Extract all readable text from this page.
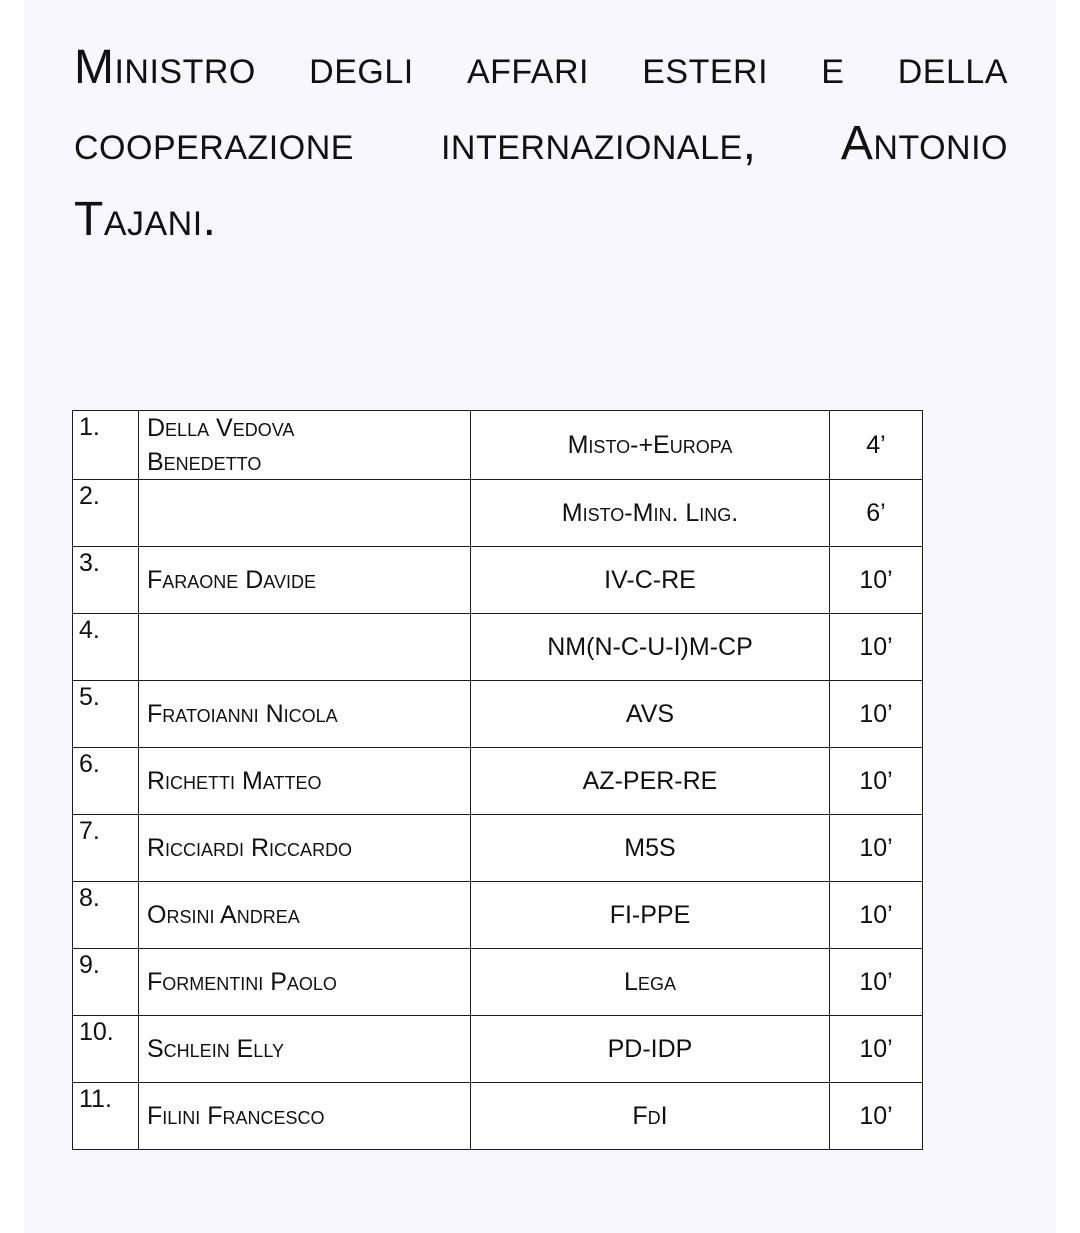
Ministro degli affari esteri e della cooperazione internazionale, Antonio Tajani.
1.	Della Vedova Benedetto	Misto-+Europa	4’
2.		Misto-Min. Ling.	6’
3.	Faraone Davide	IV-C-RE	10’
4.		NM(N-C-U-I)M-CP	10’
5.	Fratoianni Nicola	AVS	10’
6.	Richetti Matteo	AZ-PER-RE	10’
7.	Ricciardi Riccardo	M5S	10’
8.	Orsini Andrea	FI-PPE	10’
9.	Formentini Paolo	Lega	10’
10.	Schlein Elly	PD-IDP	10’
11.	Filini Francesco	FdI	10’
